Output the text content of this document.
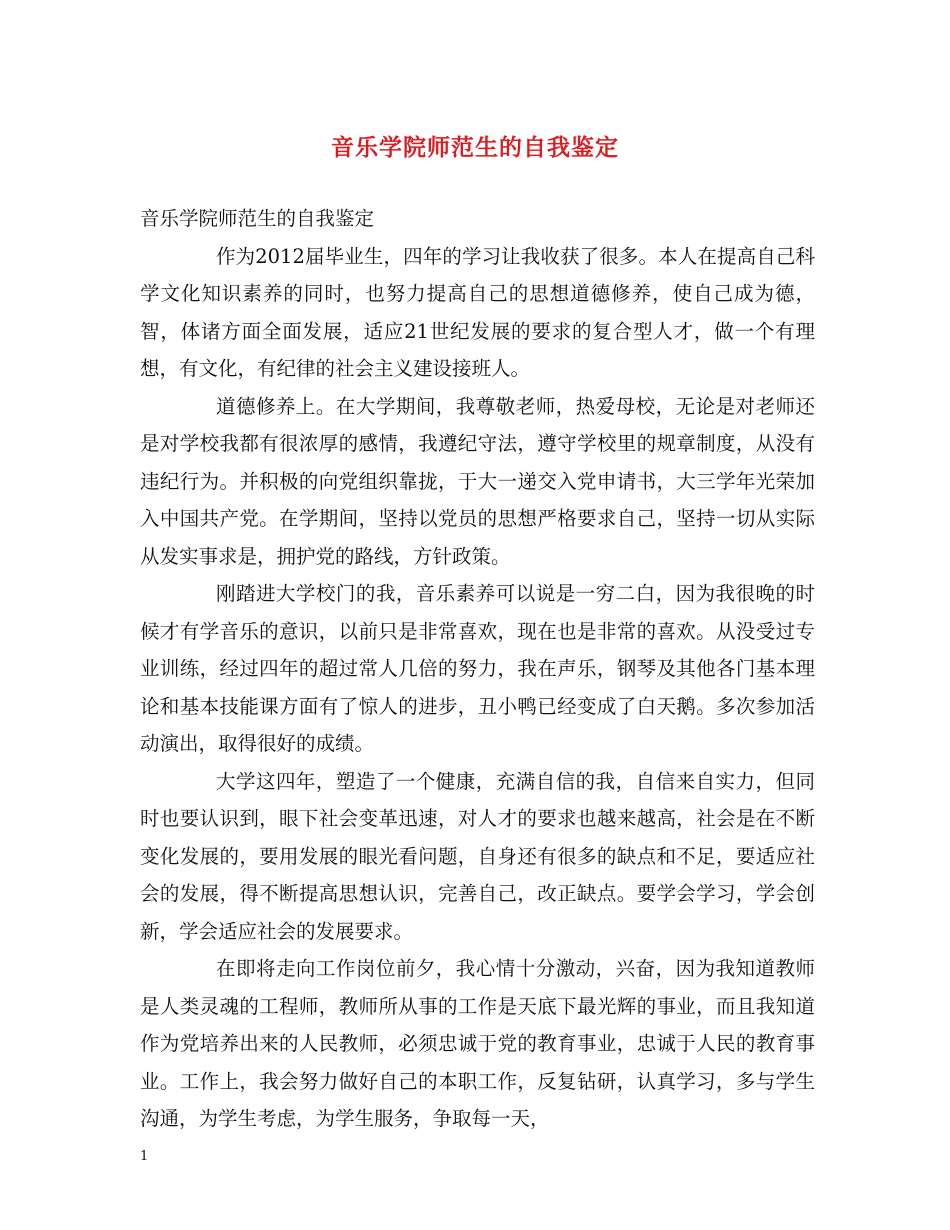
音乐学院师范生的自我鉴定

音乐学院师范生的自我鉴定

作为2012届毕业生，四年的学习让我收获了很多。本人在提高自己科学文化知识素养的同时，也努力提高自己的思想道德修养，使自己成为德，智，体诸方面全面发展，适应21世纪发展的要求的复合型人才，做一个有理想，有文化，有纪律的社会主义建设接班人。

道德修养上。在大学期间，我尊敬老师，热爱母校，无论是对老师还是对学校我都有很浓厚的感情，我遵纪守法，遵守学校里的规章制度，从没有违纪行为。并积极的向党组织靠拢，于大一递交入党申请书，大三学年光荣加入中国共产党。在学期间，坚持以党员的思想严格要求自己，坚持一切从实际从发实事求是，拥护党的路线，方针政策。

刚踏进大学校门的我，音乐素养可以说是一穷二白，因为我很晚的时候才有学音乐的意识，以前只是非常喜欢，现在也是非常的喜欢。从没受过专业训练，经过四年的超过常人几倍的努力，我在声乐，钢琴及其他各门基本理论和基本技能课方面有了惊人的进步，丑小鸭已经变成了白天鹅。多次参加活动演出，取得很好的成绩。

大学这四年，塑造了一个健康，充满自信的我，自信来自实力，但同时也要认识到，眼下社会变革迅速，对人才的要求也越来越高，社会是在不断变化发展的，要用发展的眼光看问题，自身还有很多的缺点和不足，要适应社会的发展，得不断提高思想认识，完善自己，改正缺点。要学会学习，学会创新，学会适应社会的发展要求。

在即将走向工作岗位前夕，我心情十分激动，兴奋，因为我知道教师是人类灵魂的工程师，教师所从事的工作是天底下最光辉的事业，而且我知道作为党培养出来的人民教师，必须忠诚于党的教育事业，忠诚于人民的教育事业。工作上，我会努力做好自己的本职工作，反复钻研，认真学习，多与学生沟通，为学生考虑，为学生服务，争取每一天，

1
